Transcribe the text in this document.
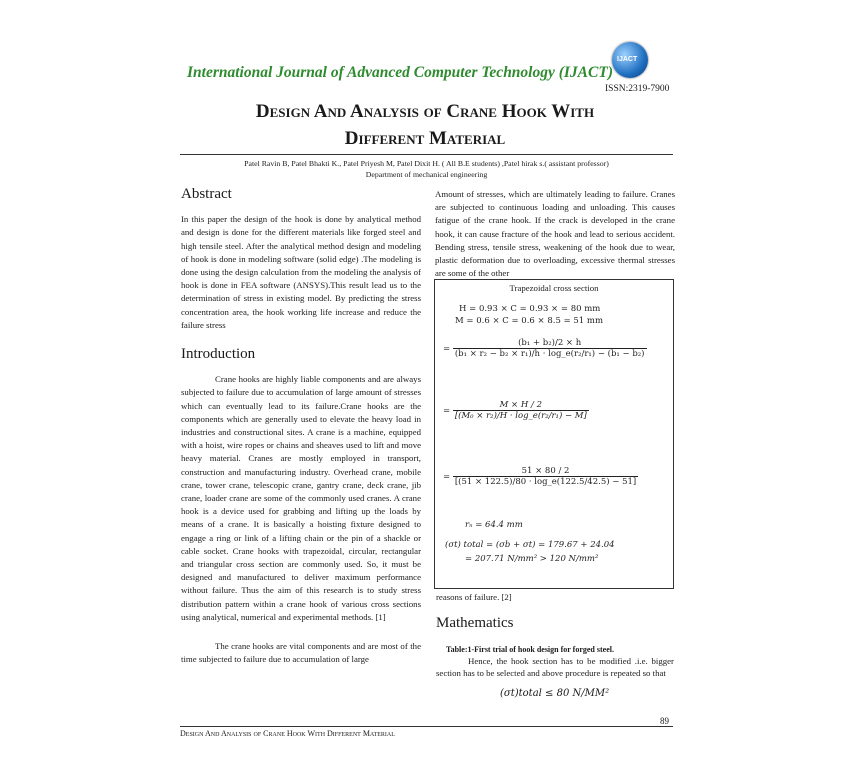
International Journal of Advanced Computer Technology (IJACT)
IJACT
ISSN:2319-7900
Design And Analysis of Crane Hook With
Different Material
Patel Ravin B, Patel Bhakti K., Patel Priyesh M, Patel Dixit H. ( All B.E students) ,Patel hirak s.( assistant professor)
Department of mechanical engineering
Abstract

In this paper the design of the hook is done by analytical method and design is done for the different materials like forged steel and high tensile steel. After the analytical method design and modeling of hook is done in modeling software (solid edge) .The modeling is done using the design calculation from the modeling the analysis of hook is done in FEA software (ANSYS).This result lead us to the determination of stress in existing model. By predicting the stress concentration area, the hook working life increase and reduce the failure stress

Introduction

Crane hooks are highly liable components and are always subjected to failure due to accumulation of large amount of stresses which can eventually lead to its failure.Crane hooks are the components which are generally used to elevate the heavy load in industries and constructional sites. A crane is a machine, equipped with a hoist, wire ropes or chains and sheaves used to lift and move heavy material. Cranes are mostly employed in transport, construction and manufacturing industry. Overhead crane, mobile crane, tower crane, telescopic crane, gantry crane, deck crane, jib crane, loader crane are some of the commonly used cranes. A crane hook is a device used for grabbing and lifting up the loads by means of a crane. It is basically a hoisting fixture designed to engage a ring or link of a lifting chain or the pin of a shackle or cable socket. Crane hooks with trapezoidal, circular, rectangular and triangular cross section are commonly used. So, it must be designed and manufactured to deliver maximum performance without failure. Thus the aim of this research is to study stress distribution pattern within a crane hook of various cross sections using analytical, numerical and experimental methods. [1]

The crane hooks are vital components and are most of the time subjected to failure due to accumulation of large

Amount of stresses, which are ultimately leading to failure. Cranes are subjected to continuous loading and unloading. This causes fatigue of the crane hook. If the crack is developed in the crane hook, it can cause fracture of the hook and lead to serious accident. Bending stress, tensile stress, weakening of the hook due to wear, plastic deformation due to overloading, excessive thermal stresses are some of the other

Trapezoidal cross section
H = 0.93 × C = 0.93 × = 80 mm
M = 0.6 × C = 0.6 × 8.5 = 51 mm
= $\frac{\text{(b₁ + b₂)/2 × h}}{\text{(b₁ × r₂ − b₂ × r₁)/h · log\_e(r₂/r₁) − (b₁ − b₂)}}$
= $\frac{M \times H / 2}{\text{[(M₀ × r₂)/H · log\_e(r₂/r₁) − M]}}$
= $\frac{51 \times 80 / 2}{[(51 \times 122.5)/80 \cdot \log\_e(122.5/42.5) - 51]}$
rₙ = 64.4 mm
(σt) total = (σb + σt) = 179.67 + 24.04
= 207.71 N/mm² > 120 N/mm²
reasons of failure. [2]
Mathematics
Table:1-First trial of hook design for forged steel.
Hence, the hook section has to be modified .i.e. bigger section has to be selected and above procedure is repeated so that
(σt)total ≤ 80 N/MM²
89
Design And Analysis of Crane Hook With Different Material
